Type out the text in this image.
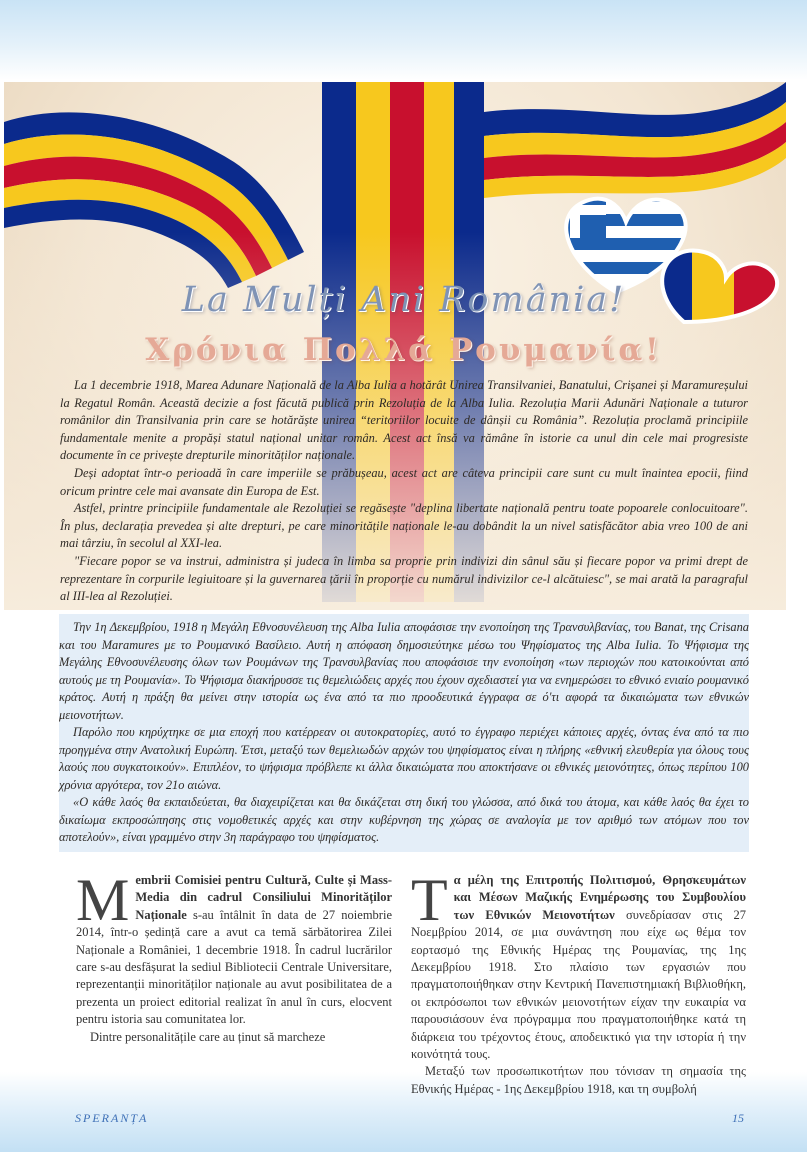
La Mulți Ani România!
Χρόνια Πολλά Ρουμανία!

La 1 decembrie 1918, Marea Adunare Națională de la Alba Iulia a hotărât Unirea Transilvaniei, Banatului, Crișanei și Maramureșului la Regatul Român. Această decizie a fost făcută publică prin Rezoluția de la Alba Iulia. Rezoluția Marii Adunări Naționale a tuturor românilor din Transilvania prin care se hotărăște unirea “teritoriilor locuite de dânșii cu România”. Rezoluția proclamă principiile fundamentale menite a propăși statul național unitar român. Acest act însă va rămâne în istorie ca unul din cele mai progresiste documente în ce privește drepturile minorităților naționale.

Deși adoptat într-o perioadă în care imperiile se prăbușeau, acest act are câteva principii care sunt cu mult înaintea epocii, fiind oricum printre cele mai avansate din Europa de Est.

Astfel, printre principiile fundamentale ale Rezoluției se regăsește "deplina libertate națională pentru toate popoarele conlocuitoare". În plus, declarația prevedea și alte drepturi, pe care minoritățile naționale le-au dobândit la un nivel satisfăcător abia vreo 100 de ani mai târziu, în secolul al XXI-lea.

"Fiecare popor se va instrui, administra și judeca în limba sa proprie prin indivizi din sânul său și fiecare popor va primi drept de reprezentare în corpurile legiuitoare și la guvernarea țării în proporție cu numărul indivizilor ce-l alcătuiesc", se mai arată la paragraful al III-lea al Rezoluției.

Την 1η Δεκεμβρίου, 1918 η Μεγάλη Εθνοσυνέλευση της Alba Iulia αποφάσισε την ενοποίηση της Τρανσυλβανίας, του Banat, της Crisana και του Maramures με το Ρουμανικό Βασίλειο. Αυτή η απόφαση δημοσιεύτηκε μέσω του Ψηφίσματος της Alba Iulia. Το Ψήφισμα της Μεγάλης Εθνοσυνέλευσης όλων των Ρουμάνων της Τρανσυλβανίας που αποφάσισε την ενοποίηση «των περιοχών που κατοικούνται από αυτούς με τη Ρουμανία». Το Ψήφισμα διακήρυσσε τις θεμελιώδεις αρχές που έχουν σχεδιαστεί για να ενημερώσει το εθνικό ενιαίο ρουμανικό κράτος. Αυτή η πράξη θα μείνει στην ιστορία ως ένα από τα πιο προοδευτικά έγγραφα σε ό'τι αφορά τα δικαιώματα των εθνικών μειονοτήτων.

Παρόλο που κηρύχτηκε σε μια εποχή που κατέρρεαν οι αυτοκρατορίες, αυτό το έγγραφο περιέχει κάποιες αρχές, όντας ένα από τα πιο προηγμένα στην Ανατολική Ευρώπη. Έτσι, μεταξύ των θεμελιωδών αρχών του ψηφίσματος είναι η πλήρης «εθνική ελευθερία για όλους τους λαούς που συγκατοικούν». Επιπλέον, το ψήφισμα πρόβλεπε κι άλλα δικαιώματα που αποκτήσανε οι εθνικές μειονότητες, όπως περίπου 100 χρόνια αργότερα, τον 21ο αιώνα.

«Ο κάθε λαός θα εκπαιδεύεται, θα διαχειρίζεται και θα δικάζεται στη δική του γλώσσα, από δικά του άτομα, και κάθε λαός θα έχει το δικαίωμα εκπροσώπησης στις νομοθετικές αρχές και στην κυβέρνηση της χώρας σε αναλογία με τον αριθμό των ατόμων που τον αποτελούν», είναι γραμμένο στην 3η παράγραφο του ψηφίσματος.

Membrii Comisiei pentru Cultură, Culte și Mass-Media din cadrul Consiliului Minorităților Naționale s-au întâlnit în data de 27 noiembrie 2014, într-o ședință care a avut ca temă sărbătorirea Zilei Naționale a României, 1 decembrie 1918. În cadrul lucrărilor care s-au desfășurat la sediul Bibliotecii Centrale Universitare, reprezentanții minorităților naționale au avut posibilitatea de a prezenta un proiect editorial realizat în anul în curs, elocvent pentru istoria sau comunitatea lor.

Dintre personalitățile care au ținut să marcheze

Τα μέλη της Επιτροπής Πολιτισμού, Θρησκευμάτων και Μέσων Μαζικής Ενημέρωσης του Συμβουλίου των Εθνικών Μειονοτήτων συνεδρίασαν στις 27 Νοεμβρίου 2014, σε μια συνάντηση που είχε ως θέμα τον εορτασμό της Εθνικής Ημέρας της Ρουμανίας, της 1ης Δεκεμβρίου 1918. Στο πλαίσιο των εργασιών που πραγματοποιήθηκαν στην Κεντρική Πανεπιστημιακή Βιβλιοθήκη, οι εκπρόσωποι των εθνικών μειονοτήτων είχαν την ευκαιρία να παρουσιάσουν ένα πρόγραμμα που πραγματοποιήθηκε κατά τη διάρκεια του τρέχοντος έτους, αποδεικτικό για την ιστορία ή την κοινότητά τους.

Μεταξύ των προσωπικοτήτων που τόνισαν τη σημασία της Εθνικής Ημέρας - 1ης Δεκεμβρίου 1918, και τη συμβολή

SPERANȚA	15
